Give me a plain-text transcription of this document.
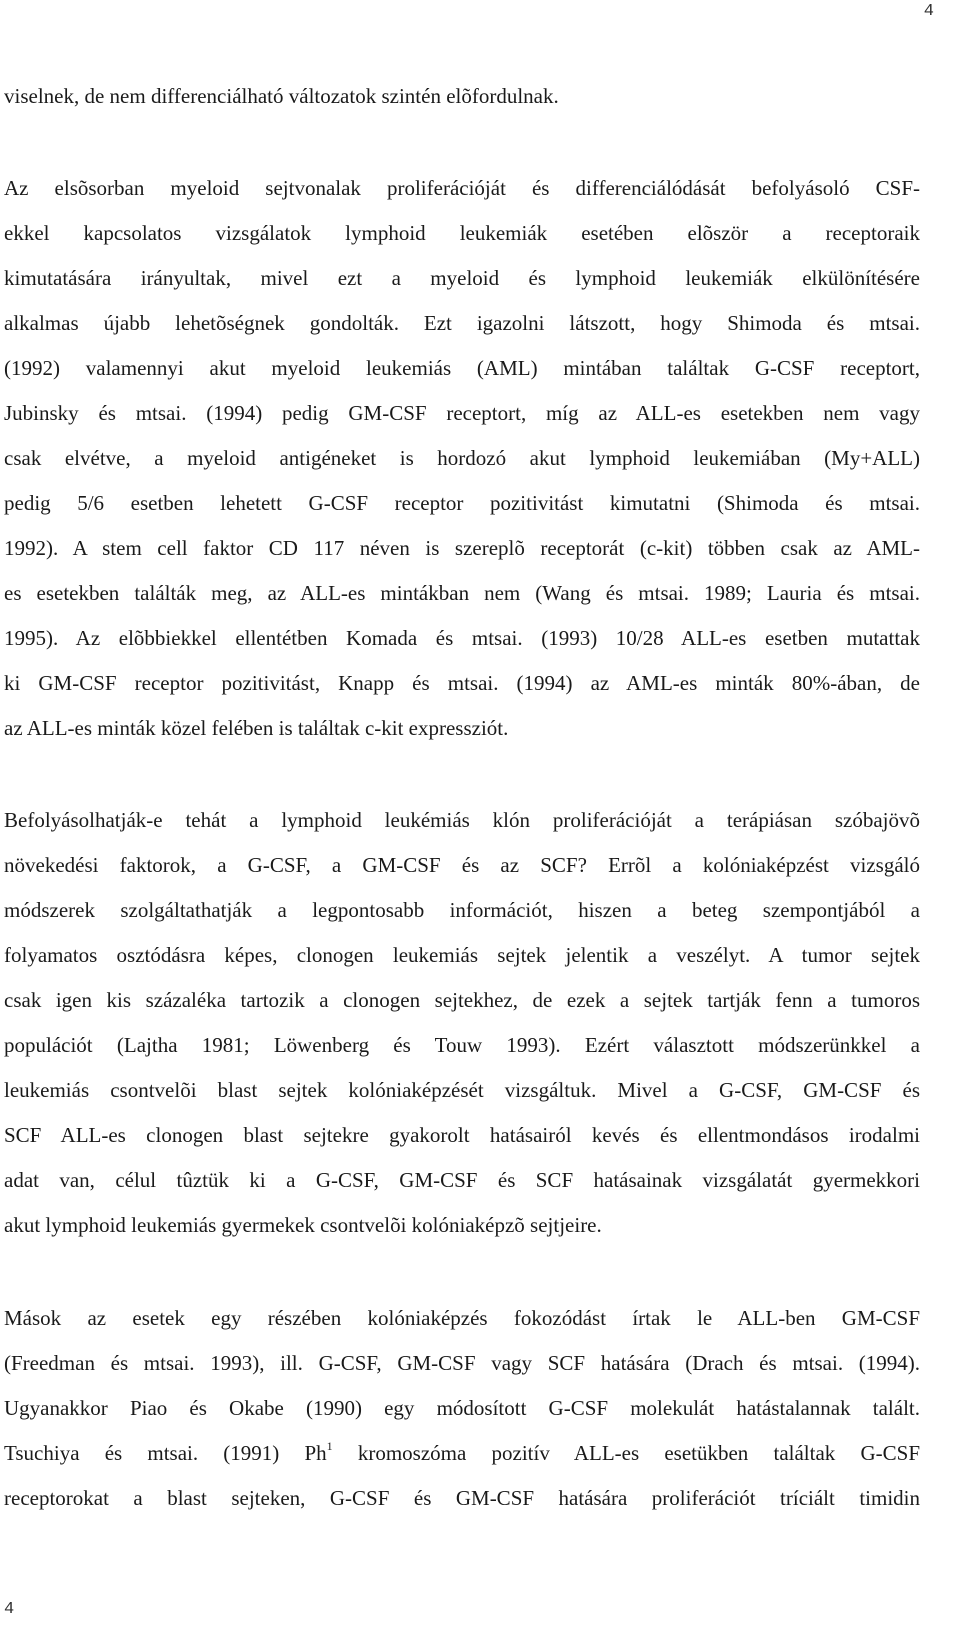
4
viselnek, de nem differenciálható változatok szintén elõfordulnak.
Az elsõsorban myeloid sejtvonalak proliferációját és differenciálódását befolyásoló CSF-
ekkel kapcsolatos vizsgálatok lymphoid leukemiák esetében elõször a receptoraik
kimutatására irányultak, mivel ezt a myeloid és lymphoid leukemiák elkülönítésére
alkalmas újabb lehetõségnek gondolták. Ezt igazolni látszott, hogy Shimoda és mtsai.
(1992) valamennyi akut myeloid leukemiás (AML) mintában találtak G-CSF receptort,
Jubinsky és mtsai. (1994) pedig GM-CSF receptort, míg az ALL-es esetekben nem vagy
csak elvétve, a myeloid antigéneket is hordozó akut lymphoid leukemiában (My+ALL)
pedig 5/6 esetben lehetett G-CSF receptor pozitivitást kimutatni (Shimoda és mtsai.
1992). A stem cell faktor CD 117 néven is szereplõ receptorát (c-kit) többen csak az AML-
es esetekben találták meg, az ALL-es mintákban nem (Wang és mtsai. 1989; Lauria és mtsai.
1995). Az elõbbiekkel ellentétben Komada és mtsai. (1993) 10/28 ALL-es esetben mutattak
ki GM-CSF receptor pozitivitást, Knapp és mtsai. (1994) az AML-es minták 80%-ában, de
az ALL-es minták közel felében is találtak c-kit expressziót.
Befolyásolhatják-e tehát a lymphoid leukémiás klón proliferációját a terápiásan szóbajövõ
növekedési faktorok, a G-CSF, a GM-CSF és az SCF? Errõl a kolóniaképzést vizsgáló
módszerek szolgáltathatják a legpontosabb információt, hiszen a beteg szempontjából a
folyamatos osztódásra képes, clonogen leukemiás sejtek jelentik a veszélyt. A tumor sejtek
csak igen kis százaléka tartozik a clonogen sejtekhez, de ezek a sejtek tartják fenn a tumoros
populációt (Lajtha 1981; Löwenberg és Touw 1993). Ezért választott módszerünkkel a
leukemiás csontvelõi blast sejtek kolóniaképzését vizsgáltuk. Mivel a G-CSF, GM-CSF és
SCF ALL-es clonogen blast sejtekre gyakorolt hatásairól kevés és ellentmondásos irodalmi
adat van, célul tûztük ki a G-CSF, GM-CSF és SCF hatásainak vizsgálatát gyermekkori
akut lymphoid leukemiás gyermekek csontvelõi kolóniaképzõ sejtjeire.
Mások az esetek egy részében kolóniaképzés fokozódást írtak le ALL-ben GM-CSF
(Freedman és mtsai. 1993), ill. G-CSF, GM-CSF vagy SCF hatására (Drach és mtsai. (1994).
Ugyanakkor Piao és Okabe (1990) egy módosított G-CSF molekulát hatástalannak talált.
Tsuchiya és mtsai. (1991) Ph$^1$ kromoszóma pozitív ALL-es esetükben találtak G-CSF
receptorokat a blast sejteken, G-CSF és GM-CSF hatására proliferációt tríciált timidin
4
